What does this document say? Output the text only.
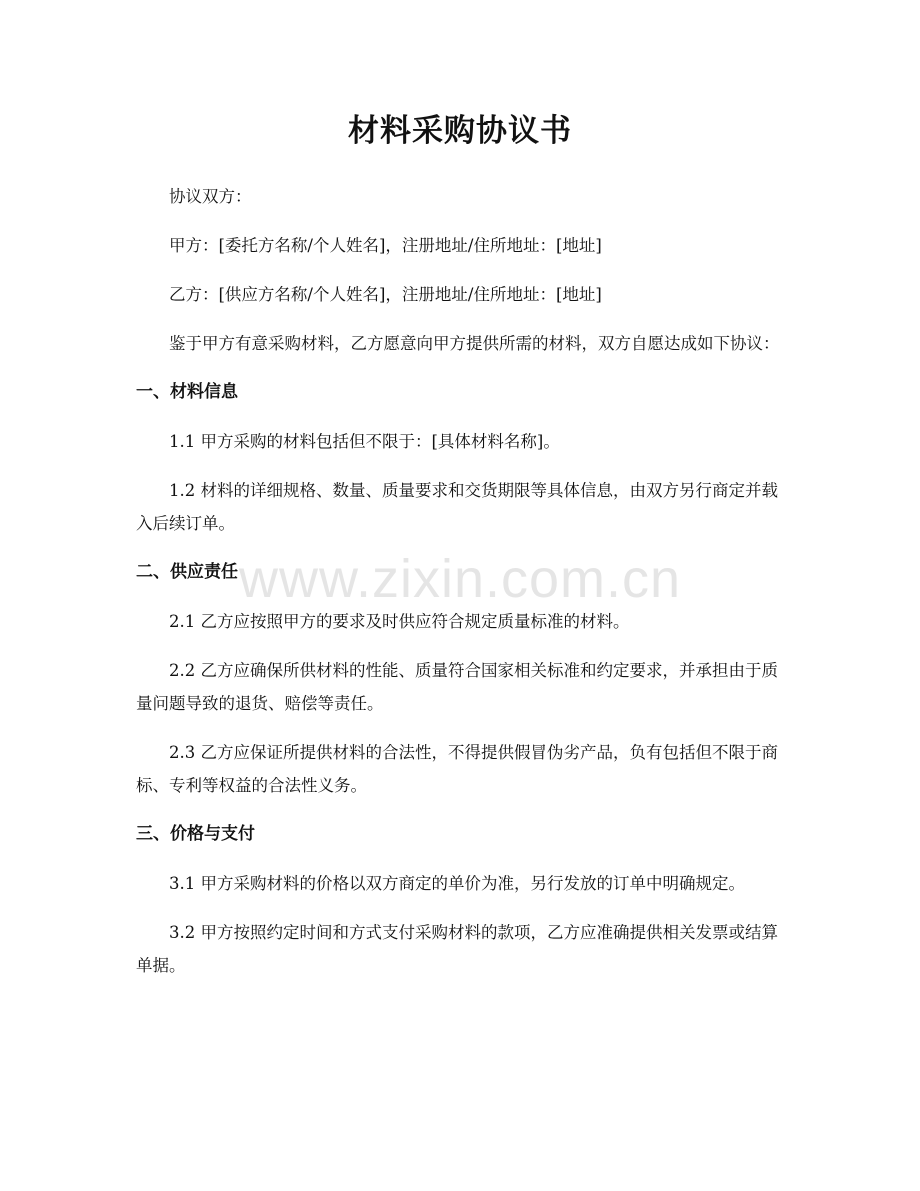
材料采购协议书

协议双方：

甲方：[委托方名称/个人姓名]，注册地址/住所地址：[地址]

乙方：[供应方名称/个人姓名]，注册地址/住所地址：[地址]

鉴于甲方有意采购材料，乙方愿意向甲方提供所需的材料，双方自愿达成如下协议：

一、材料信息

1.1 甲方采购的材料包括但不限于：[具体材料名称]。

1.2 材料的详细规格、数量、质量要求和交货期限等具体信息，由双方另行商定并载入后续订单。

二、供应责任

2.1 乙方应按照甲方的要求及时供应符合规定质量标准的材料。

2.2 乙方应确保所供材料的性能、质量符合国家相关标准和约定要求，并承担由于质量问题导致的退货、赔偿等责任。

2.3 乙方应保证所提供材料的合法性，不得提供假冒伪劣产品，负有包括但不限于商标、专利等权益的合法性义务。

三、价格与支付

3.1 甲方采购材料的价格以双方商定的单价为准，另行发放的订单中明确规定。

3.2 甲方按照约定时间和方式支付采购材料的款项，乙方应准确提供相关发票或结算单据。

www.zixin.com.cn
